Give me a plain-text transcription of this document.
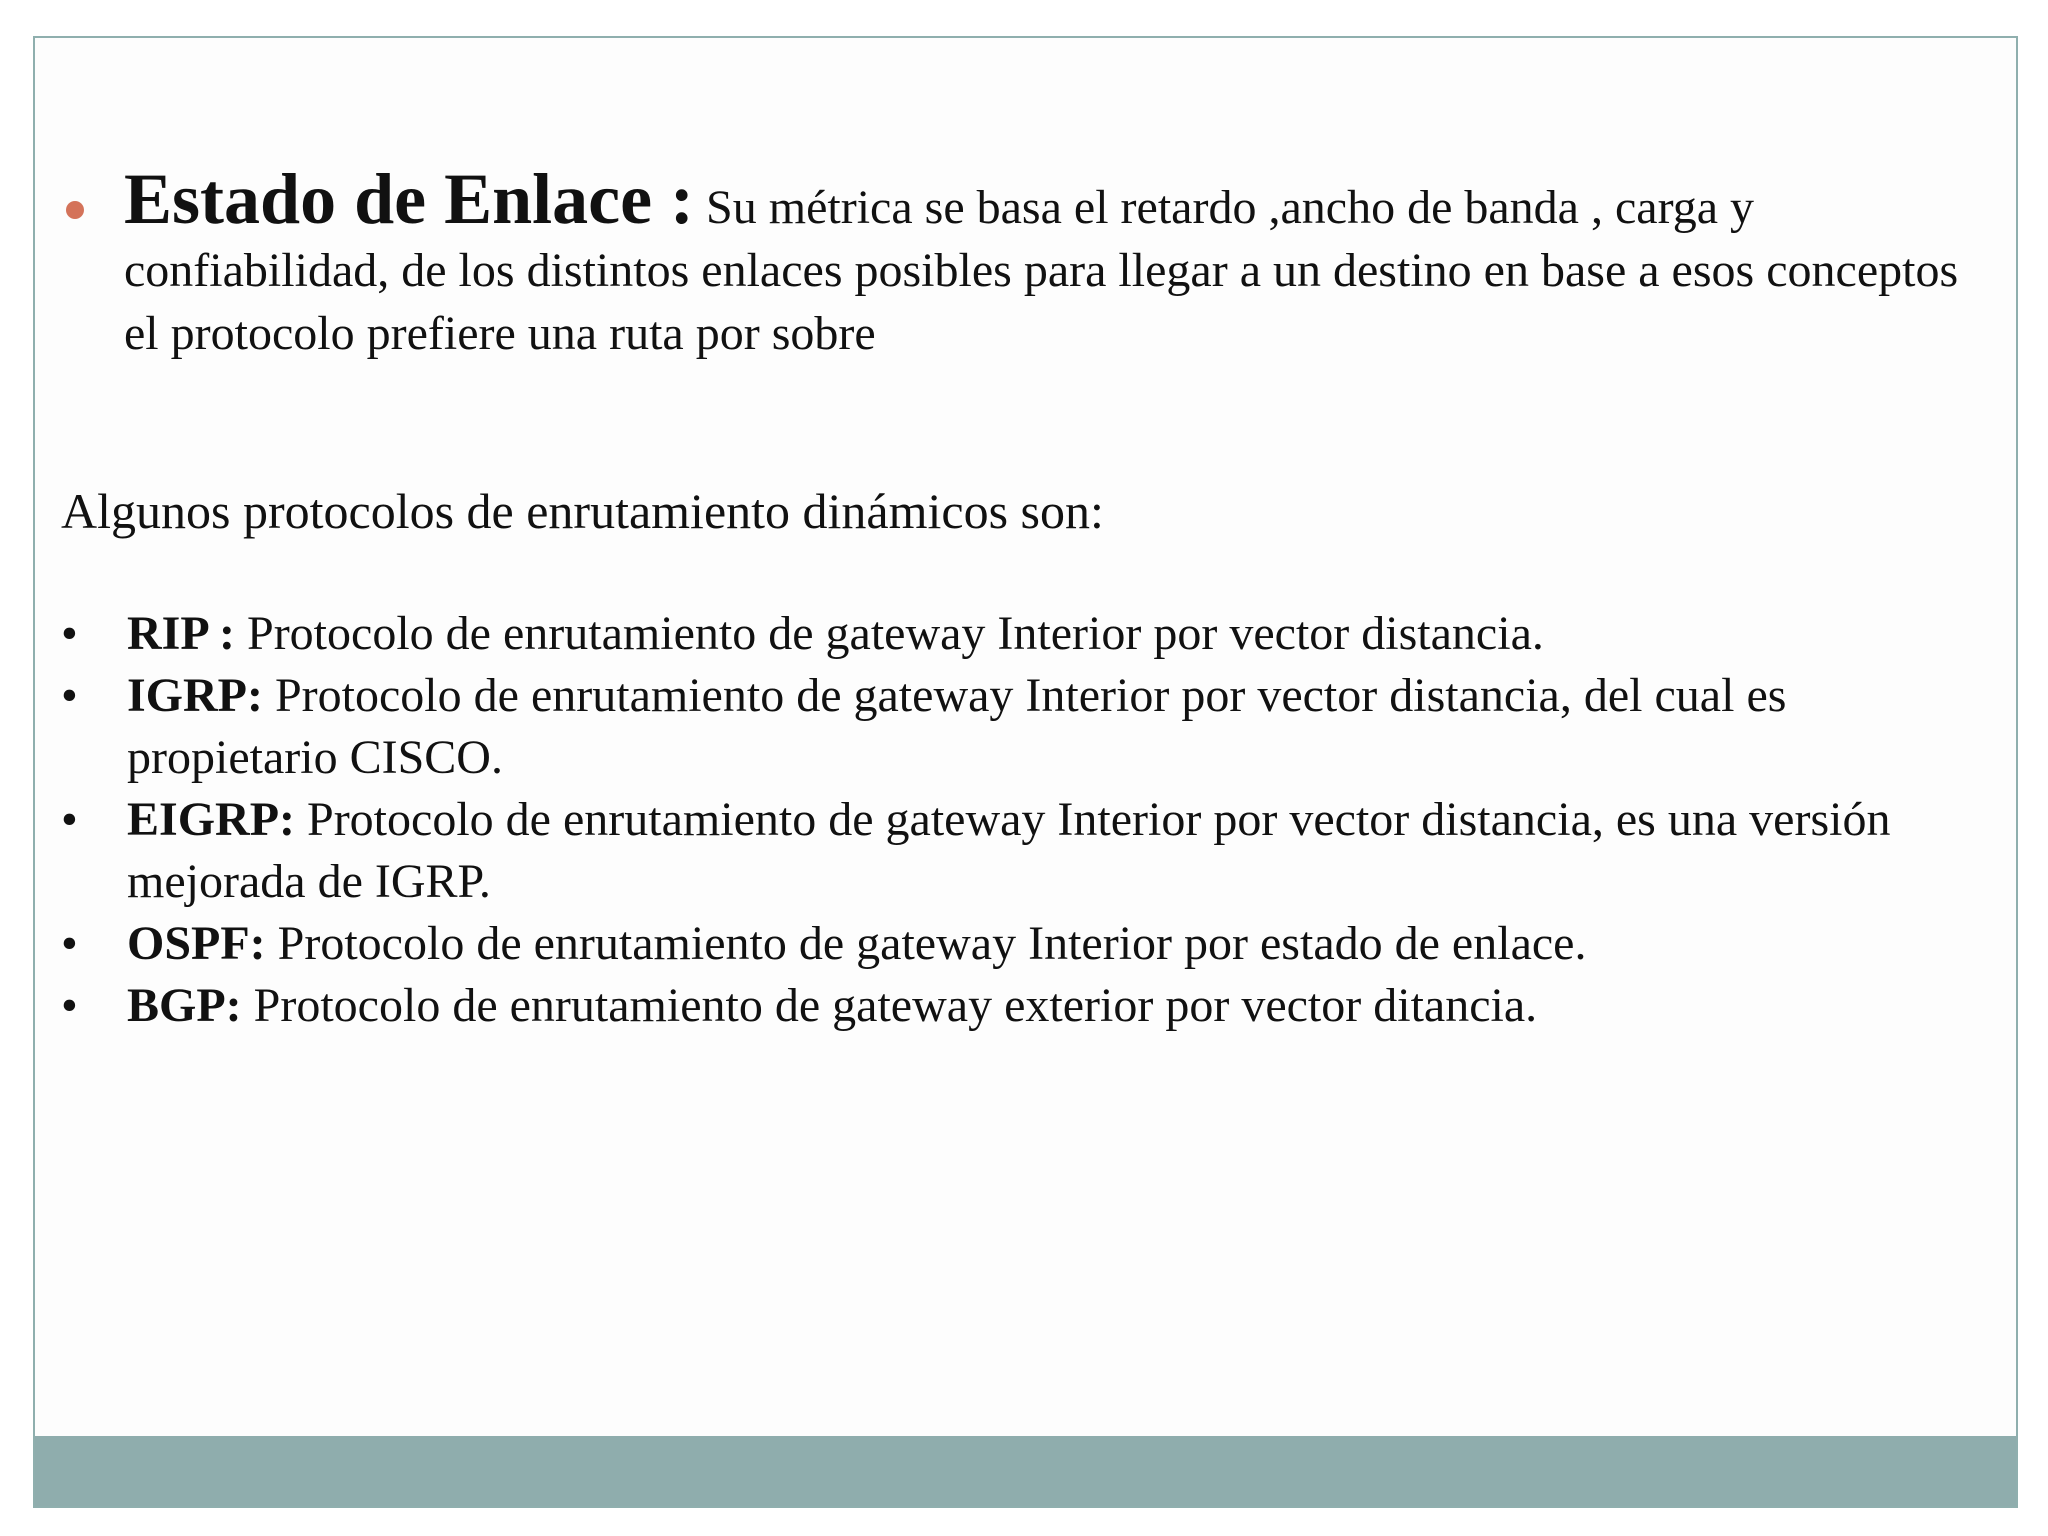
Estado de Enlace : Su métrica se basa el retardo ,ancho de banda , carga y confiabilidad, de los distintos enlaces posibles para llegar a un destino en base a esos conceptos el protocolo prefiere una ruta por sobre
Algunos protocolos de enrutamiento dinámicos son:
• RIP : Protocolo de enrutamiento de gateway Interior por vector distancia.
• IGRP: Protocolo de enrutamiento de gateway Interior por vector distancia, del cual es propietario CISCO.
• EIGRP: Protocolo de enrutamiento de gateway Interior por vector distancia, es una versión mejorada de IGRP.
• OSPF: Protocolo de enrutamiento de gateway Interior por estado de enlace.
• BGP: Protocolo de enrutamiento de gateway exterior por vector ditancia.
